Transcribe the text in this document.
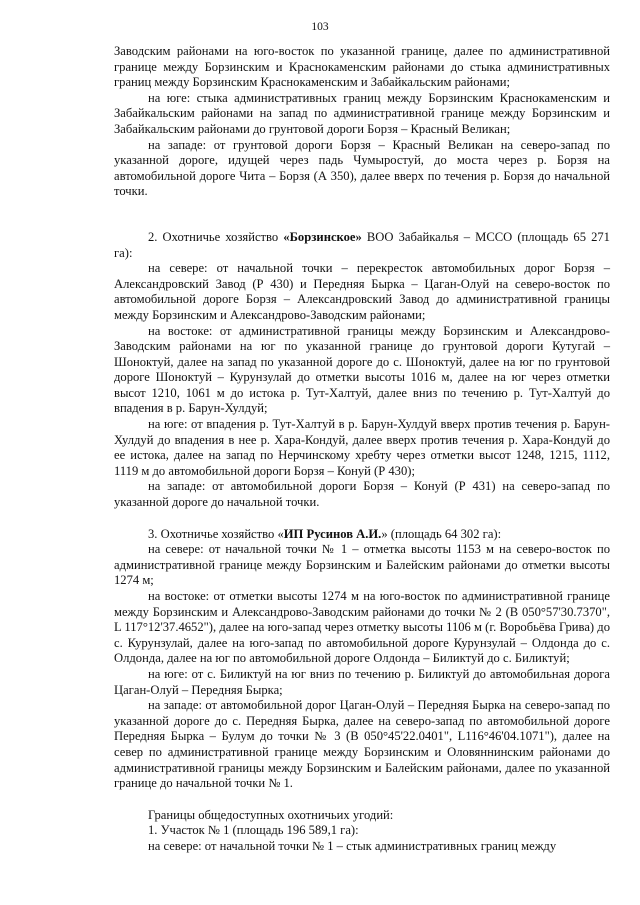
103

Заводским районами на юго-восток по указанной границе, далее по административной границе между Борзинским и Краснокаменским районами до стыка административных границ между Борзинским Краснокаменским и Забайкальским районами;

на юге: стыка административных границ между Борзинским Краснокаменским и Забайкальским районами на запад по административной границе между Борзинским и Забайкальским районами до грунтовой дороги Борзя – Красный Великан;

на западе: от грунтовой дороги Борзя – Красный Великан на северо-запад по указанной дороге, идущей через падь Чумыростуй, до моста через р. Борзя на автомобильной дороге Чита – Борзя (А 350), далее вверх по течения р. Борзя до начальной точки.

2. Охотничье хозяйство «Борзинское» ВОО Забайкалья – МССО (площадь 65 271 га):

на севере: от начальной точки – перекресток автомобильных дорог Борзя – Александровский Завод (Р 430) и Передняя Бырка – Цаган-Олуй на северо-восток по автомобильной дороге Борзя – Александровский Завод до административной границы между Борзинским и Александрово-Заводским районами;

на востоке: от административной границы между Борзинским и Александрово-Заводским районами на юг по указанной границе до грунтовой дороги Кутугай – Шоноктуй, далее на запад по указанной дороге до с. Шоноктуй, далее на юг по грунтовой дороге Шоноктуй – Курунзулай до отметки высоты 1016 м, далее на юг через отметки высот 1210, 1061 м до истока р. Тут-Халтуй, далее вниз по течению р. Тут-Халтуй до впадения в р. Барун-Хулдуй;

на юге: от впадения р. Тут-Халтуй в р. Барун-Хулдуй вверх против течения р. Барун-Хулдуй до впадения в нее р. Хара-Кондуй, далее вверх против течения р. Хара-Кондуй до ее истока, далее на запад по Нерчинскому хребту через отметки высот 1248, 1215, 1112, 1119 м до автомобильной дороги Борзя – Конуй (Р 430);

на западе: от автомобильной дороги Борзя – Конуй (Р 431) на северо-запад по указанной дороге до начальной точки.

3. Охотничье хозяйство «ИП Русинов А.И.» (площадь 64 302 га):

на севере: от начальной точки № 1 – отметка высоты 1153 м на северо-восток по административной границе между Борзинским и Балейским районами до отметки высоты 1274 м;

на востоке: от отметки высоты 1274 м на юго-восток по административной границе между Борзинским и Александрово-Заводским районами до точки № 2 (В 050°57'30.7370", L 117°12'37.4652"), далее на юго-запад через отметку высоты 1106 м (г. Воробьёва Грива) до с. Курунзулай, далее на юго-запад по автомобильной дороге Курунзулай – Олдонда до с. Олдонда, далее на юг по автомобильной дороге Олдонда – Биликтуй до с. Биликтуй;

на юге: от с. Биликтуй на юг вниз по течению р. Биликтуй до автомобильная дорога Цаган-Олуй – Передняя Бырка;

на западе: от автомобильной дорог Цаган-Олуй – Передняя Бырка на северо-запад по указанной дороге до с. Передняя Бырка, далее на северо-запад по автомобильной дороге Передняя Бырка – Булум до точки № 3 (В 050°45'22.0401", L116°46'04.1071"), далее на север по административной границе между Борзинским и Оловяннинским районами до административной границы между Борзинским и Балейским районами, далее по указанной границе до начальной точки № 1.

Границы общедоступных охотничьих угодий:

1. Участок № 1 (площадь 196 589,1 га):

на севере: от начальной точки № 1 – стык административных границ между
